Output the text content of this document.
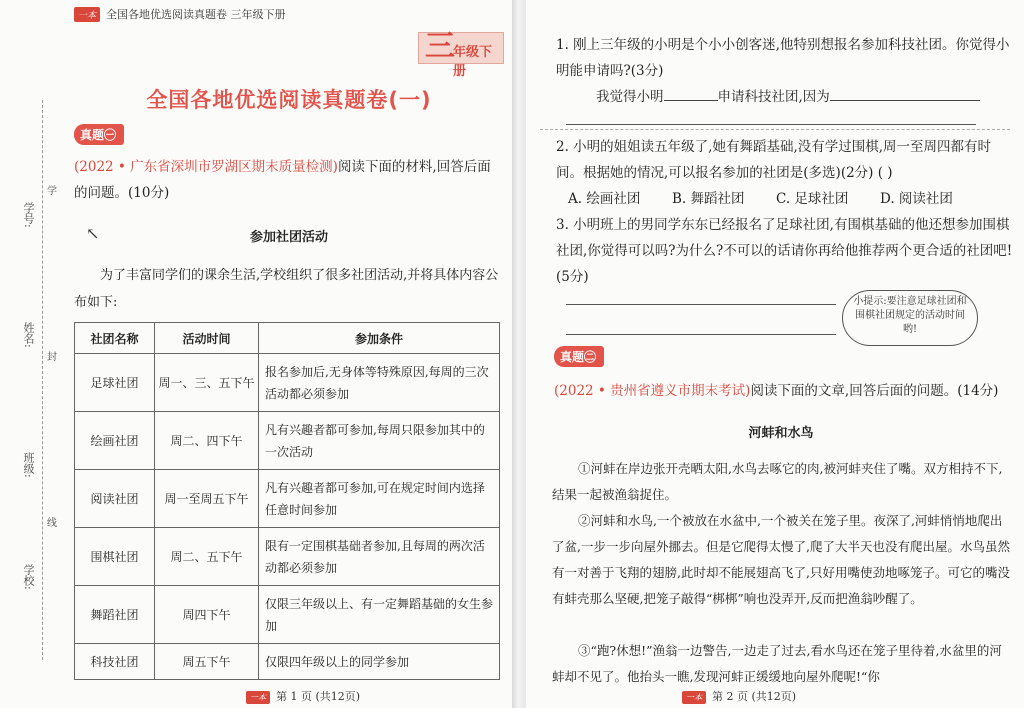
一本 全国各地优选阅读真题卷 三年级下册
三
年级下册
全国各地优选阅读真题卷(一)
学号:
姓名:
班级:
学校:
学
封
线
真题㊀
(2022 • 广东省深圳市罗湖区期末质量检测)阅读下面的材料,回答后面的问题。(10分)
↖	参加社团活动
为了丰富同学们的课余生活,学校组织了很多社团活动,并将具体内容公布如下:
社团名称	活动时间	参加条件
足球社团	周一、三、五下午	报名参加后,无身体等特殊原因,每周的三次活动都必须参加
绘画社团	周二、四下午	凡有兴趣者都可参加,每周只限参加其中的一次活动
阅读社团	周一至周五下午	凡有兴趣者都可参加,可在规定时间内选择任意时间参加
围棋社团	周二、五下午	限有一定围棋基础者参加,且每周的两次活动都必须参加
舞蹈社团	周四下午	仅限三年级以上、有一定舞蹈基础的女生参加
科技社团	周五下午	仅限四年级以上的同学参加
一本 第 1 页 (共12页)
1. 刚上三年级的小明是个小小创客迷,他特别想报名参加科技社团。你觉得小明能申请吗?(3分)
我觉得小明	申请科技社团,因为
2. 小明的姐姐读五年级了,她有舞蹈基础,没有学过围棋,周一至周四都有时间。根据她的情况,可以报名参加的社团是(多选)(2分) ( )
A. 绘画社团 B. 舞蹈社团 C. 足球社团 D. 阅读社团
3. 小明班上的男同学东东已经报名了足球社团,有围棋基础的他还想参加围棋社团,你觉得可以吗?为什么?不可以的话请你再给他推荐两个更合适的社团吧!(5分)
小提示:要注意足球社团和围棋社团规定的活动时间哟!
真题㊁
(2022 • 贵州省遵义市期末考试)阅读下面的文章,回答后面的问题。(14分)
河蚌和水鸟
①河蚌在岸边张开壳晒太阳,水鸟去啄它的肉,被河蚌夹住了嘴。双方相持不下,结果一起被渔翁捉住。
②河蚌和水鸟,一个被放在水盆中,一个被关在笼子里。夜深了,河蚌悄悄地爬出了盆,一步一步向屋外挪去。但是它爬得太慢了,爬了大半天也没有爬出屋。水鸟虽然有一对善于飞翔的翅膀,此时却不能展翅高飞了,只好用嘴使劲地啄笼子。可它的嘴没有蚌壳那么坚硬,把笼子敲得“梆梆”响也没弄开,反而把渔翁吵醒了。
③“跑?休想!”渔翁一边警告,一边走了过去,看水鸟还在笼子里待着,水盆里的河蚌却不见了。他抬头一瞧,发现河蚌正缓缓地向屋外爬呢!“你
一本 第 2 页 (共12页)
